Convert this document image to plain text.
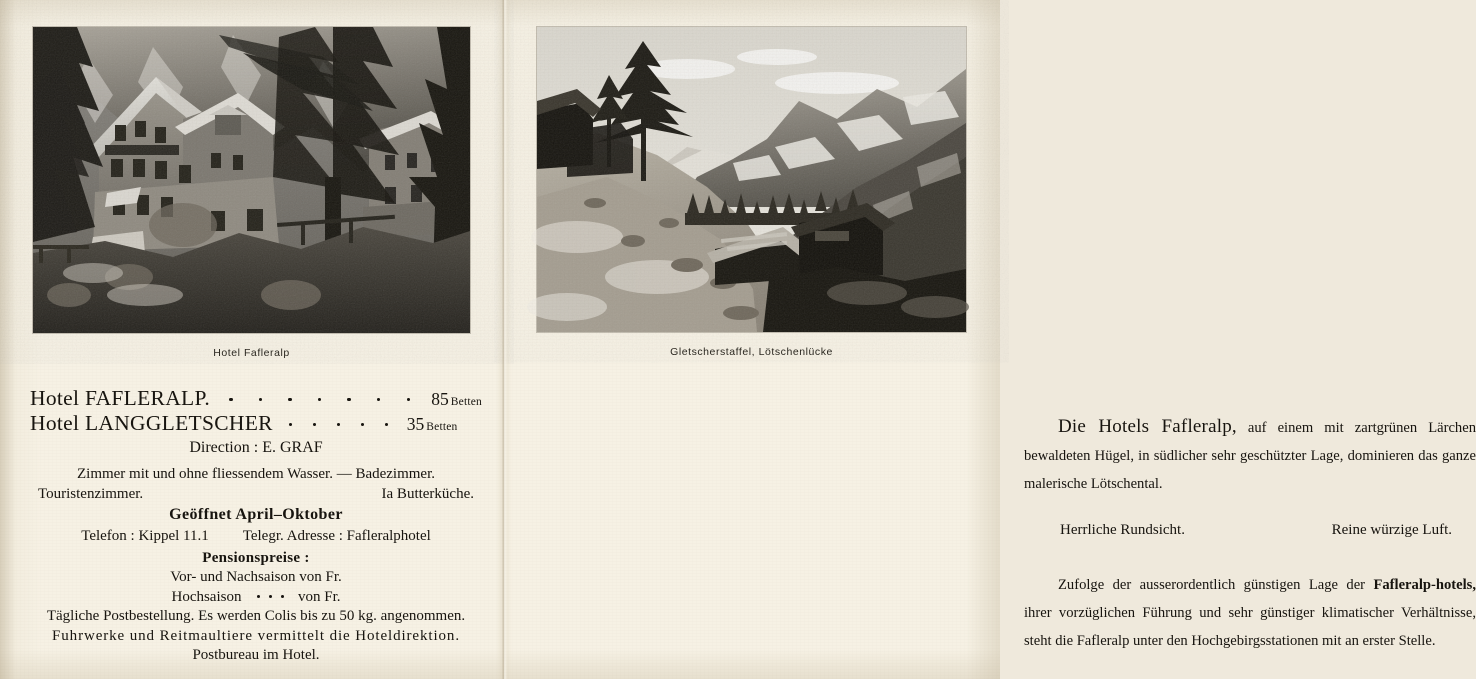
Hotel Fafleralp
Hotel FAFLERALP.	85 Betten
Hotel LANGGLETSCHER	35 Betten
Direction : E. GRAF
Zimmer mit und ohne fliessendem Wasser. — Badezimmer.
Touristenzimmer.	Ia Butterküche.
Geöffnet April–Oktober
Telefon : Kippel 11.1 Telegr. Adresse : Fafleralphotel
Pensionspreise :
Vor- und Nachsaison von Fr.
Hochsaison	von Fr.
Tägliche Postbestellung. Es werden Colis bis zu 50 kg. angenommen.
Fuhrwerke und Reitmaultiere vermittelt die Hoteldirektion.
Postbureau im Hotel.
Gletscherstaffel, Lötschenlücke

Die Hotels Fafleralp, auf einem mit zartgrünen Lärchen bewaldeten Hügel, in südlicher sehr geschützter Lage, dominieren das ganze malerische Lötschental.

Herrliche Rundsicht.	Reine würzige Luft.

Zufolge der ausserordentlich günstigen Lage der Fafleralp-hotels, ihrer vorzüglichen Führung und sehr günstiger klimatischer Verhältnisse, steht die Fafleralp unter den Hochgebirgsstationen mit an erster Stelle.
